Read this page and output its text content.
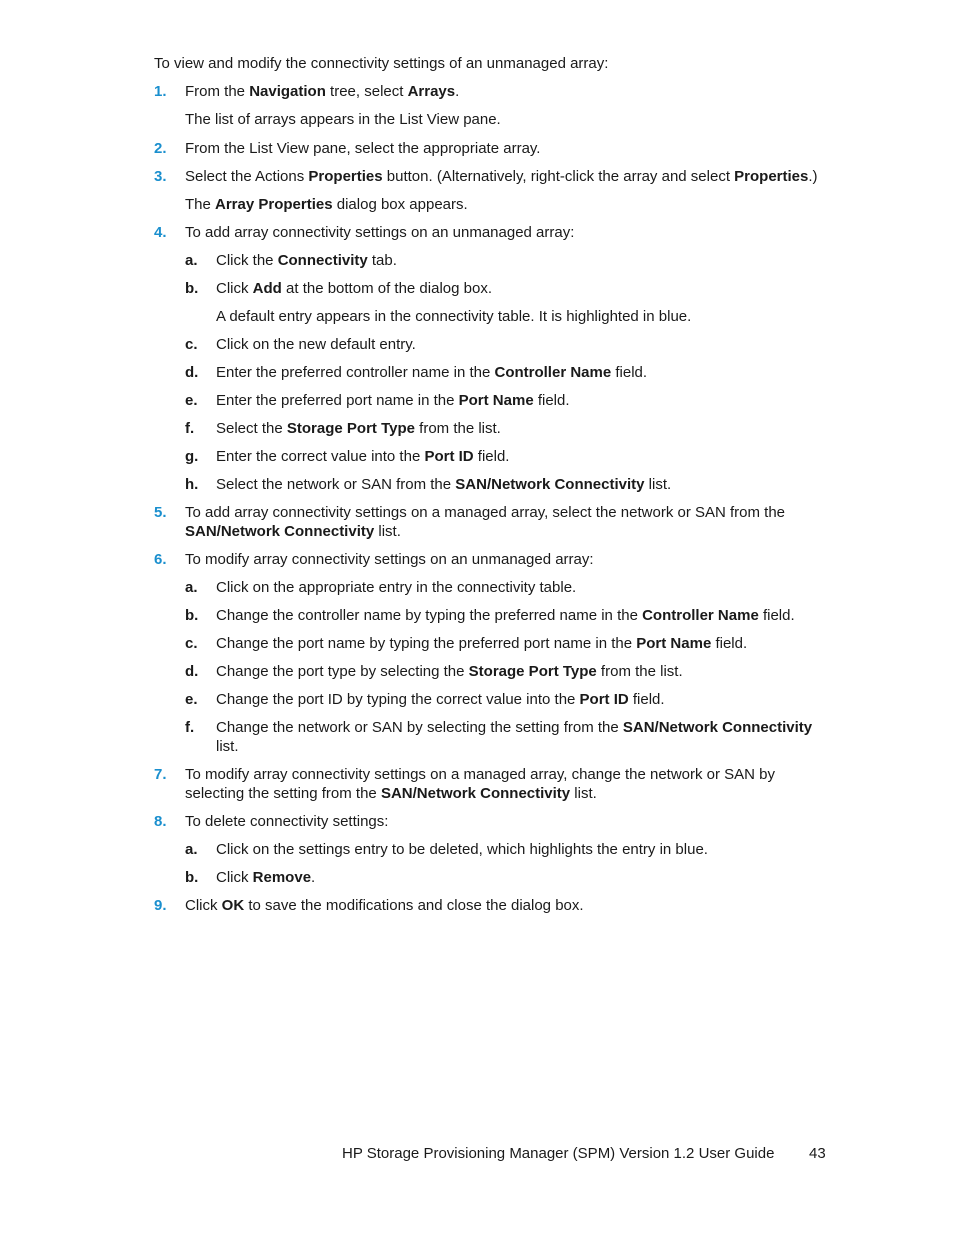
To view and modify the connectivity settings of an unmanaged array:
1. From the Navigation tree, select Arrays.
The list of arrays appears in the List View pane.
2. From the List View pane, select the appropriate array.
3. Select the Actions Properties button. (Alternatively, right-click the array and select Properties.)
The Array Properties dialog box appears.
4. To add array connectivity settings on an unmanaged array:
a. Click the Connectivity tab.
b. Click Add at the bottom of the dialog box.
A default entry appears in the connectivity table. It is highlighted in blue.
c. Click on the new default entry.
d. Enter the preferred controller name in the Controller Name field.
e. Enter the preferred port name in the Port Name field.
f. Select the Storage Port Type from the list.
g. Enter the correct value into the Port ID field.
h. Select the network or SAN from the SAN/Network Connectivity list.
5. To add array connectivity settings on a managed array, select the network or SAN from the
SAN/Network Connectivity list.
6. To modify array connectivity settings on an unmanaged array:
a. Click on the appropriate entry in the connectivity table.
b. Change the controller name by typing the preferred name in the Controller Name field.
c. Change the port name by typing the preferred port name in the Port Name field.
d. Change the port type by selecting the Storage Port Type from the list.
e. Change the port ID by typing the correct value into the Port ID field.
f. Change the network or SAN by selecting the setting from the SAN/Network Connectivity
list.
7. To modify array connectivity settings on a managed array, change the network or SAN by
selecting the setting from the SAN/Network Connectivity list.
8. To delete connectivity settings:
a. Click on the settings entry to be deleted, which highlights the entry in blue.
b. Click Remove.
9. Click OK to save the modifications and close the dialog box.
HP Storage Provisioning Manager (SPM) Version 1.2 User Guide 43
